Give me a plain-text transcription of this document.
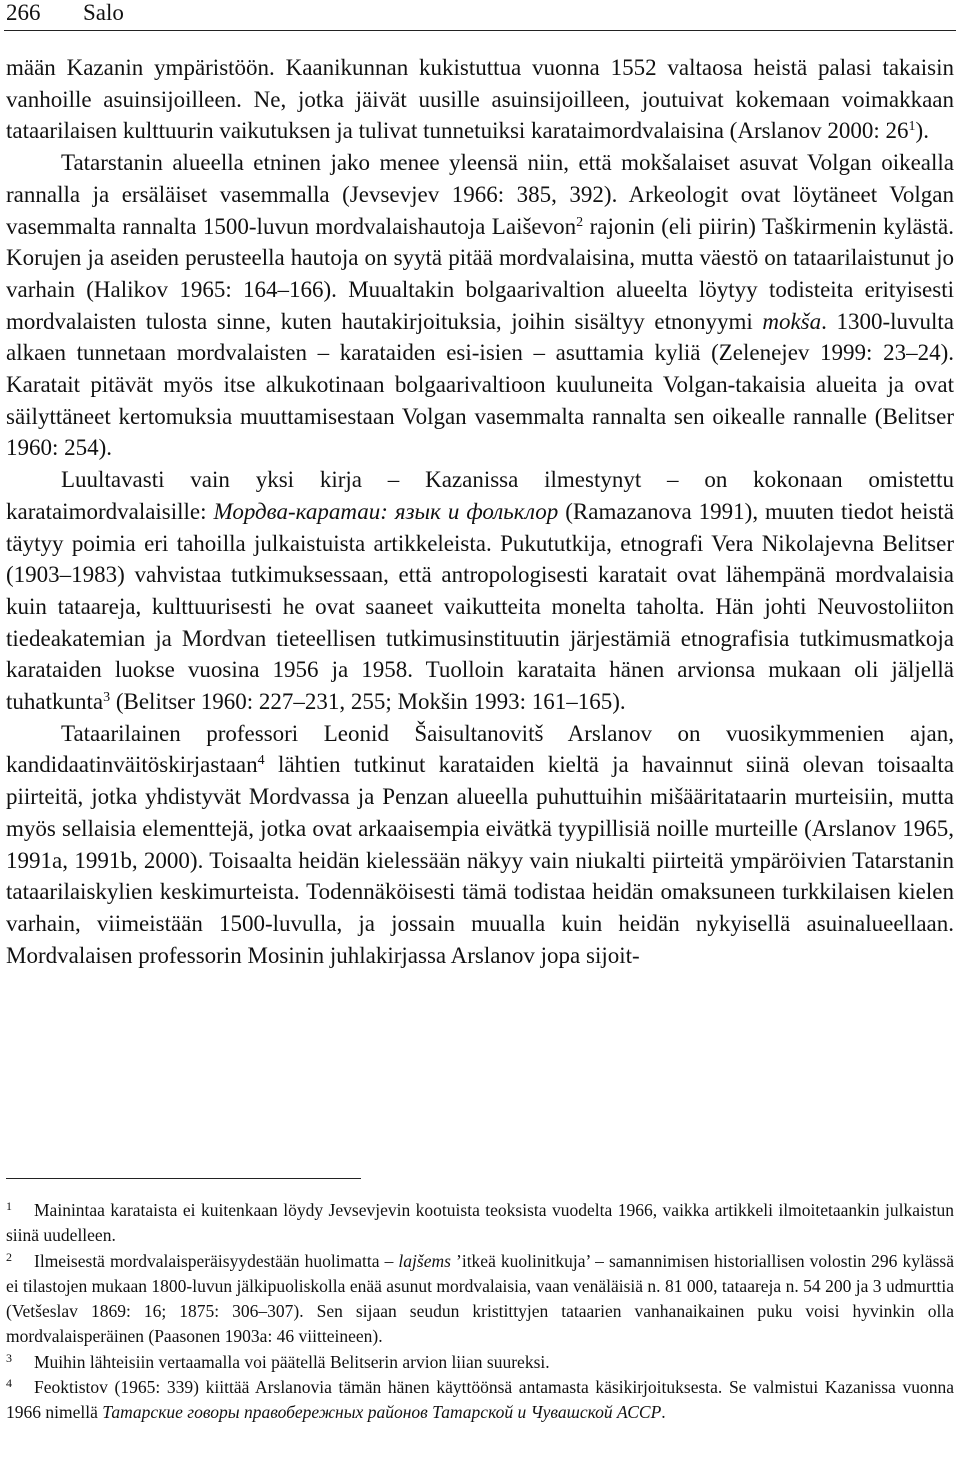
266 Salo

mään Kazanin ympäristöön. Kaanikunnan kukistuttua vuonna 1552 valtaosa heistä palasi takaisin vanhoille asuinsijoilleen. Ne, jotka jäivät uusille asuinsijoilleen, joutuivat kokemaan voimakkaan tataarilaisen kulttuurin vaikutuksen ja tulivat tunnetuiksi karataimordvalaisina (Arslanov 2000: $26^1$).

Tatarstanin alueella etninen jako menee yleensä niin, että mokšalaiset asuvat Volgan oikealla rannalla ja ersäläiset vasemmalla (Jevsevjev 1966: 385, 392). Arkeologit ovat löytäneet Volgan vasemmalta rannalta 1500-luvun mordvalaishautoja Laiševon$^2$ rajonin (eli piirin) Taškirmenin kylästä. Korujen ja aseiden perusteella hautoja on syytä pitää mordvalaisina, mutta väestö on tataarilaistunut jo varhain (Halikov 1965: 164–166). Muualtakin bolgaarivaltion alueelta löytyy todisteita erityisesti mordvalaisten tulosta sinne, kuten hautakirjoituksia, joihin sisältyy etnonyymi mokša. 1300-luvulta alkaen tunnetaan mordvalaisten – karataiden esi-isien – asuttamia kyliä (Zelenejev 1999: 23–24). Karatait pitävät myös itse alkukotinaan bolgaarivaltioon kuuluneita Volgan-takaisia alueita ja ovat säilyttäneet kertomuksia muuttamisestaan Volgan vasemmalta rannalta sen oikealle rannalle (Belitser 1960: 254).

Luultavasti vain yksi kirja – Kazanissa ilmestynyt – on kokonaan omistettu karataimordvalaisille: Мордва-каратаи: язык и фольклор (Ramazanova 1991), muuten tiedot heistä täytyy poimia eri tahoilla julkaistuista artikkeleista. Pukututkija, etnografi Vera Nikolajevna Belitser (1903–1983) vahvistaa tutkimuksessaan, että antropologisesti karatait ovat lähempänä mordvalaisia kuin tataareja, kulttuurisesti he ovat saaneet vaikutteita monelta taholta. Hän johti Neuvostoliiton tiedeakatemian ja Mordvan tieteellisen tutkimusinstituutin järjestämiä etnografisia tutkimusmatkoja karataiden luokse vuosina 1956 ja 1958. Tuolloin karataita hänen arvionsa mukaan oli jäljellä tuhatkunta$^3$ (Belitser 1960: 227–231, 255; Mokšin 1993: 161–165).

Tataarilainen professori Leonid Šaisultanovitš Arslanov on vuosikymmenien ajan, kandidaatinväitöskirjastaan$^4$ lähtien tutkinut karataiden kieltä ja havainnut siinä olevan toisaalta piirteitä, jotka yhdistyvät Mordvassa ja Penzan alueella puhuttuihin mišääritataarin murteisiin, mutta myös sellaisia elementtejä, jotka ovat arkaaisempia eivätkä tyypillisiä noille murteille (Arslanov 1965, 1991a, 1991b, 2000). Toisaalta heidän kielessään näkyy vain niukalti piirteitä ympäröivien Tatarstanin tataarilaiskylien keskimurteista. Todennäköisesti tämä todistaa heidän omaksuneen turkkilaisen kielen varhain, viimeistään 1500-luvulla, ja jossain muualla kuin heidän nykyisellä asuinalueellaan. Mordvalaisen professorin Mosinin juhlakirjassa Arslanov jopa sijoit-

1 Mainintaa karataista ei kuitenkaan löydy Jevsevjevin kootuista teoksista vuodelta 1966, vaikka artikkeli ilmoitetaankin julkaistun siinä uudelleen.

2 Ilmeisestä mordvalaisperäisyydestään huolimatta – lajšems ’itkeä kuolinitkuja’ – samannimisen historiallisen volostin 296 kylässä ei tilastojen mukaan 1800-luvun jälkipuoliskolla enää asunut mordvalaisia, vaan venäläisiä n. 81 000, tataareja n. 54 200 ja 3 udmurttia (Vetšeslav 1869: 16; 1875: 306–307). Sen sijaan seudun kristittyjen tataarien vanhanaikainen puku voisi hyvinkin olla mordvalaisperäinen (Paasonen 1903a: 46 viitteineen).

3 Muihin lähteisiin vertaamalla voi päätellä Belitserin arvion liian suureksi.

4 Feoktistov (1965: 339) kiittää Arslanovia tämän hänen käyttöönsä antamasta käsikirjoituksesta. Se valmistui Kazanissa vuonna 1966 nimellä Татарские говоры правобережных районов Татарской и Чувашской АССР.
